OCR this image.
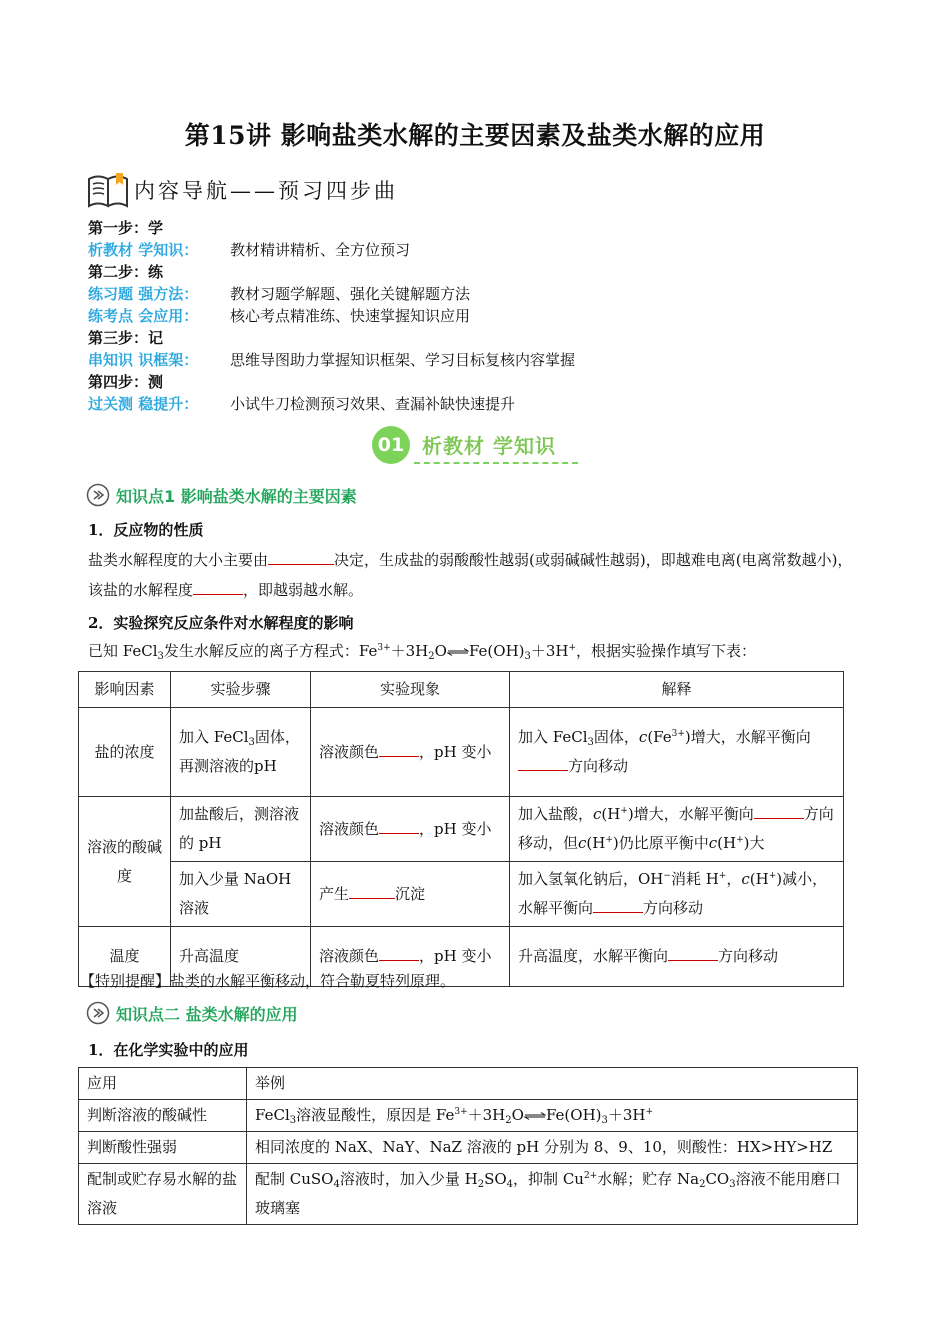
第15讲 影响盐类水解的主要因素及盐类水解的应用
内容导航——预习四步曲
第一步：学
析教材 学知识： 教材精讲精析、全方位预习
第二步：练
练习题 强方法： 教材习题学解题、强化关键解题方法
练考点 会应用： 核心考点精准练、快速掌握知识应用
第三步：记
串知识 识框架： 思维导图助力掌握知识框架、学习目标复核内容掌握
第四步：测
过关测 稳提升： 小试牛刀检测预习效果、查漏补缺快速提升
01 析教材 学知识
知识点1 影响盐类水解的主要因素
1．反应物的性质
盐类水解程度的大小主要由	决定，生成盐的弱酸酸性越弱(或弱碱碱性越弱)，即越难电离(电离常数越小)，该盐的水解程度	，即越弱越水解。
2．实验探究反应条件对水解程度的影响
已知 FeCl$_3$发生水解反应的离子方程式：$Fe^{3+}+3H_2O\rightleftharpoons Fe(OH)_3+3H^+$，根据实验操作填写下表：
影响因素	实验步骤	实验现象	解释
盐的浓度	加入 FeCl$_3$固体，再测溶液的pH	溶液颜色 ，pH 变小	加入 FeCl$_3$固体，$c(Fe^{3+})$增大，水解平衡向方向移动
溶液的酸碱度	加盐酸后，测溶液的 pH	溶液颜色 ，pH 变小	加入盐酸，c(H+)增大，水解平衡向 方向移动，但c(H+)仍比原平衡中c(H+)大
	加入少量 NaOH 溶液	产生 沉淀	加入氢氧化钠后，OH−消耗 H+，c(H+)减小，水解平衡向 方向移动
温度	升高温度	溶液颜色 ，pH 变小	升高温度，水解平衡向 方向移动
【特别提醒】盐类的水解平衡移动，符合勒夏特列原理。
知识点二 盐类水解的应用
1．在化学实验中的应用
应用	举例
判断溶液的酸碱性	FeCl$_3$溶液显酸性，原因是 $Fe^{3+}+3H_2O\rightleftharpoons Fe(OH)_3+3H^+$
判断酸性强弱	相同浓度的 NaX、NaY、NaZ 溶液的 pH 分别为 8、9、10，则酸性：HX>HY>HZ
配制或贮存易水解的盐溶液	配制 CuSO$_4$溶液时，加入少量 $H_2SO_4$，抑制 $Cu^{2+}$水解；贮存 $Na_2CO_3$溶液不能用磨口玻璃塞
